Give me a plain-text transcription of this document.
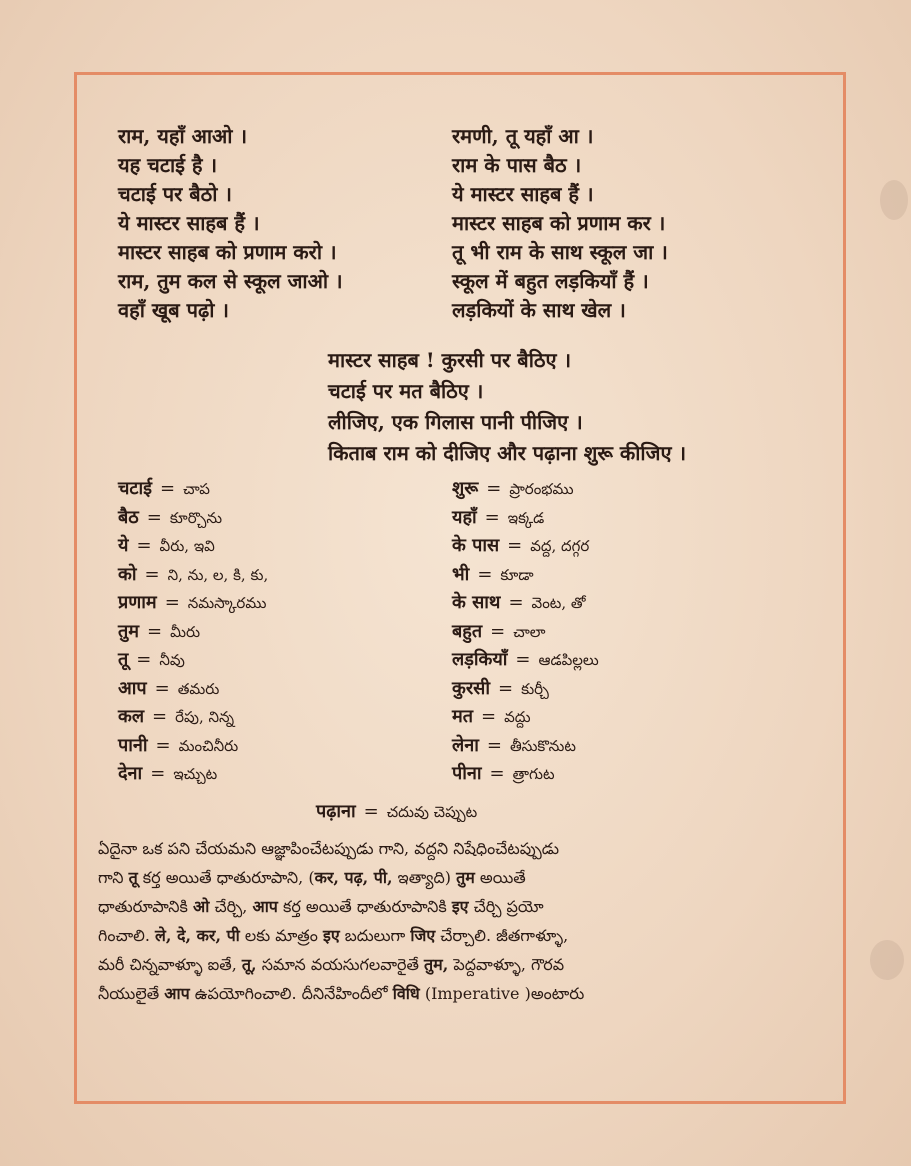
राम, यहाँ आओ ।
यह चटाई है ।
चटाई पर बैठो ।
ये मास्टर साहब हैं ।
मास्टर साहब को प्रणाम करो ।
राम, तुम कल से स्कूल जाओ ।
वहाँ खूब पढ़ो ।
रमणी, तू यहाँ आ ।
राम के पास बैठ ।
ये मास्टर साहब हैं ।
मास्टर साहब को प्रणाम कर ।
तू भी राम के साथ स्कूल जा ।
स्कूल में बहुत लड़कियाँ हैं ।
लड़कियों के साथ खेल ।
मास्टर साहब ! कुरसी पर बैठिए ।
चटाई पर मत बैठिए ।
लीजिए, एक गिलास पानी पीजिए ।
किताब राम को दीजिए और पढ़ाना शुरू कीजिए ।
चटाई = చాప
बैठ = కూర్చొను
ये = వీరు, ఇవి
को = ని, ను, ల, కి, కు,
प्रणाम = నమస్కారము
तुम = మీరు
तू = నీవు
आप = తమరు
कल = రేపు, నిన్న
पानी = మంచినీరు
देना = ఇచ్చుట
शुरू = ప్రారంభము
यहाँ = ఇక్కడ
के पास = వద్ద, దగ్గర
भी = కూడా
के साथ = వెంట, తో
बहुत = చాలా
लड़कियाँ = ఆడపిల్లలు
कुरसी = కుర్చీ
मत = వద్దు
लेना = తీసుకొనుట
पीना = త్రాగుట
पढ़ाना = చదువు చెప్పుట
ఏదైనా ఒక పని చేయమని ఆజ్ఞాపించేటప్పుడు గాని, వద్దని నిషేధించేటప్పుడు
గాని तू కర్త అయితే ధాతురూపాని, (कर, पढ़, पी, ఇత్యాది) तुम అయితే
ధాతురూపానికి ओ చేర్చి, आप కర్త అయితే ధాతురూపానికి इए చేర్చి ప్రయో
గించాలి. ले, दे, कर, पी లకు మాత్రం इए బదులుగా जिए చేర్చాలి. జీతగాళ్ళూ,
మరీ చిన్నవాళ్ళూ ఐతే, तू, సమాన వయసుగలవారైతే तुम, పెద్దవాళ్ళూ, గౌరవ
నీయులైతే आप ఉపయోగించాలి. దీనినేహిందీలో विधि (Imperative )అంటారు
